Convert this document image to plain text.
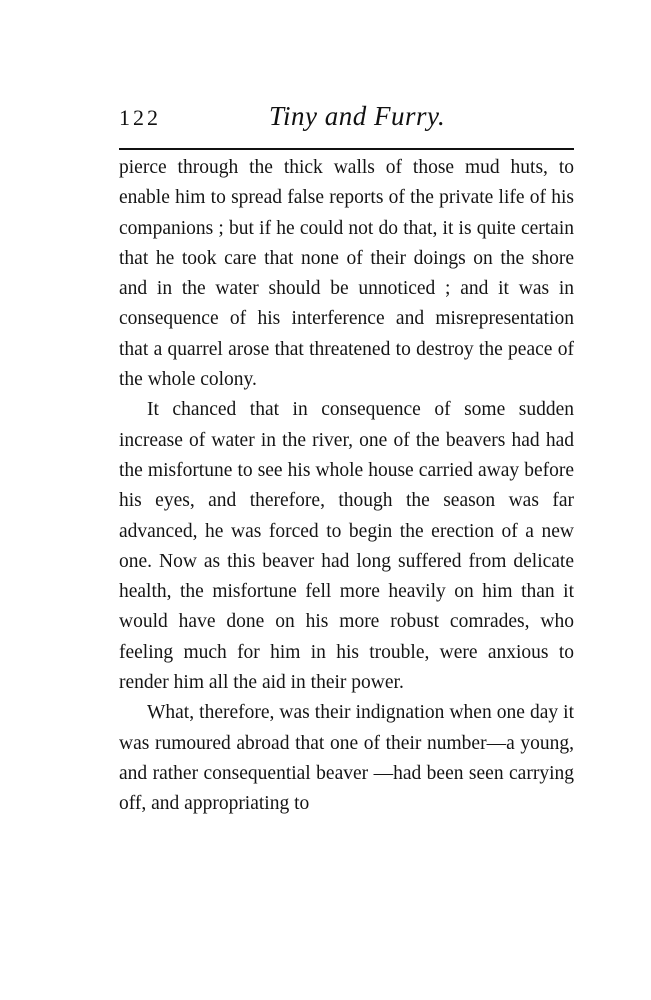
122	Tiny and Furry.

pierce through the thick walls of those mud huts, to enable him to spread false reports of the private life of his companions ; but if he could not do that, it is quite certain that he took care that none of their doings on the shore and in the water should be unnoticed ; and it was in consequence of his interference and misrepresentation that a quarrel arose that threatened to destroy the peace of the whole colony.

It chanced that in consequence of some sudden increase of water in the river, one of the beavers had had the misfortune to see his whole house carried away before his eyes, and therefore, though the season was far advanced, he was forced to begin the erection of a new one. Now as this beaver had long suffered from delicate health, the misfortune fell more heavily on him than it would have done on his more robust comrades, who feeling much for him in his trouble, were anxious to render him all the aid in their power.

What, therefore, was their indignation when one day it was rumoured abroad that one of their number—a young, and rather consequential beaver —had been seen carrying off, and appropriating to
